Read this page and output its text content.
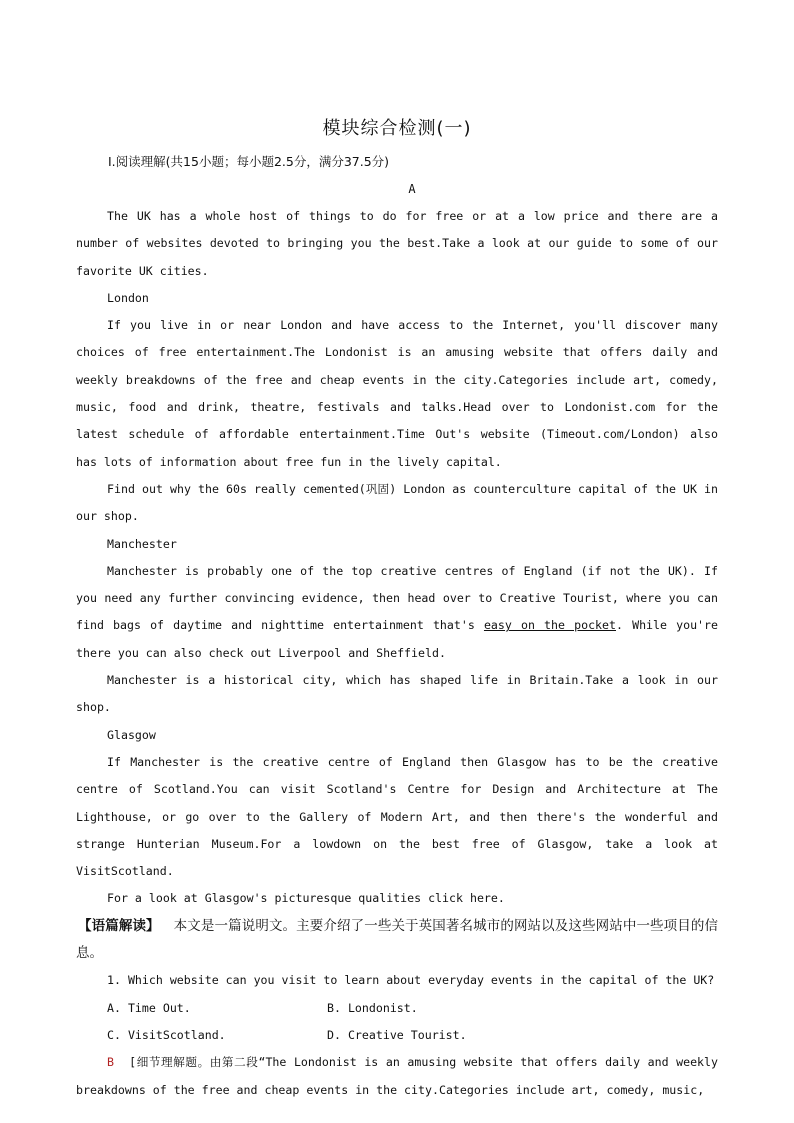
模块综合检测(一)
Ⅰ.阅读理解(共15小题；每小题2.5分，满分37.5分)
A

The UK has a whole host of things to do for free or at a low price and there are a number of websites devoted to bringing you the best.Take a look at our guide to some of our favorite UK cities.

London

If you live in or near London and have access to the Internet, you'll discover many choices of free entertainment.The Londonist is an amusing website that offers daily and weekly breakdowns of the free and cheap events in the city.Categories include art, comedy, music, food and drink, theatre, festivals and talks.Head over to Londonist.com for the latest schedule of affordable entertainment.Time Out's website (Timeout.com/London) also has lots of information about free fun in the lively capital.

Find out why the 60s really cemented(巩固) London as counterculture capital of the UK in our shop.

Manchester

Manchester is probably one of the top creative centres of England (if not the UK). If you need any further convincing evidence, then head over to Creative Tourist, where you can find bags of daytime and nighttime entertainment that's easy on the pocket. While you're there you can also check out Liverpool and Sheffield.

Manchester is a historical city, which has shaped life in Britain.Take a look in our shop.

Glasgow

If Manchester is the creative centre of England then Glasgow has to be the creative centre of Scotland.You can visit Scotland's Centre for Design and Architecture at The Lighthouse, or go over to the Gallery of Modern Art, and then there's the wonderful and strange Hunterian Museum.For a lowdown on the best free of Glasgow, take a look at VisitScotland.

For a look at Glasgow's picturesque qualities click here.

【语篇解读】 本文是一篇说明文。主要介绍了一些关于英国著名城市的网站以及这些网站中一些项目的信息。

1. Which website can you visit to learn about everyday events in the capital of the UK?

A. Time Out.	B. Londonist.
C. VisitScotland.	D. Creative Tourist.

B [细节理解题。由第二段“The Londonist is an amusing website that offers daily and weekly breakdowns of the free and cheap events in the city.Categories include art, comedy, music,
